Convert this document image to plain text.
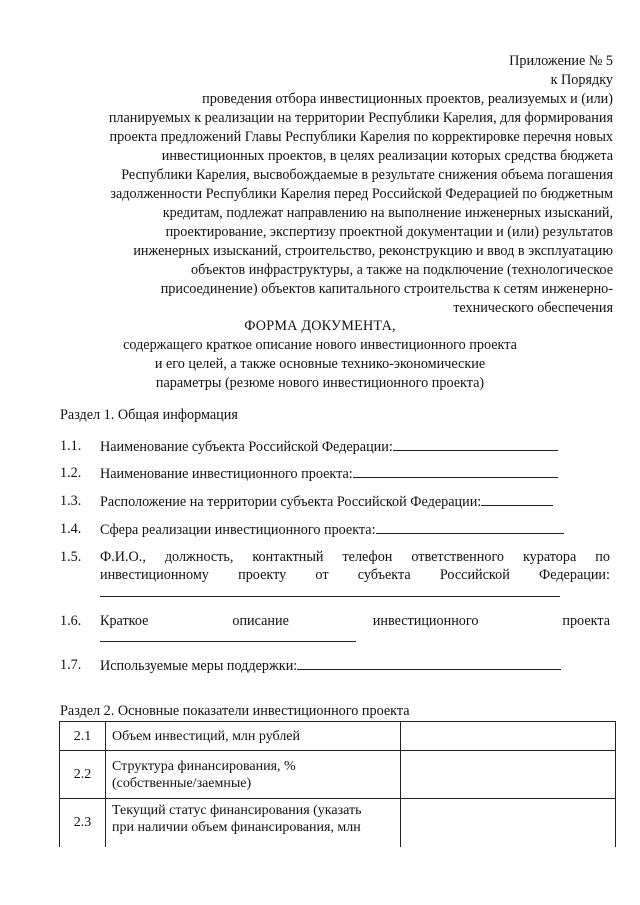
Приложение № 5
к Порядку
проведения отбора инвестиционных проектов, реализуемых и (или)
планируемых к реализации на территории Республики Карелия, для формирования
проекта предложений Главы Республики Карелия по корректировке перечня новых
инвестиционных проектов, в целях реализации которых средства бюджета
Республики Карелия, высвобождаемые в результате снижения объема погашения
задолженности Республики Карелия перед Российской Федерацией по бюджетным
кредитам, подлежат направлению на выполнение инженерных изысканий,
проектирование, экспертизу проектной документации и (или) результатов
инженерных изысканий, строительство, реконструкцию и ввод в эксплуатацию
объектов инфраструктуры, а также на подключение (технологическое
присоединение) объектов капитального строительства к сетям инженерно-
технического обеспечения
ФОРМА ДОКУМЕНТА,
содержащего краткое описание нового инвестиционного проекта
и его целей, а также основные технико-экономические
параметры (резюме нового инвестиционного проекта)
Раздел 1. Общая информация
1.1. Наименование субъекта Российской Федерации:
1.2. Наименование инвестиционного проекта:
1.3. Расположение на территории субъекта Российской Федерации:
1.4. Сфера реализации инвестиционного проекта:
1.5. Ф.И.О., должность, контактный телефон ответственного куратора по
инвестиционному проекту от субъекта Российской Федерации:
1.6. Краткое	описание	инвестиционного	проекта
1.7. Используемые меры поддержки:
Раздел 2. Основные показатели инвестиционного проекта
2.1	Объем инвестиций, млн рублей	
2.2	Структура финансирования, %
(собственные/заемные)	

2.3	Текущий статус финансирования (указать
при наличии объем финансирования, млн	
